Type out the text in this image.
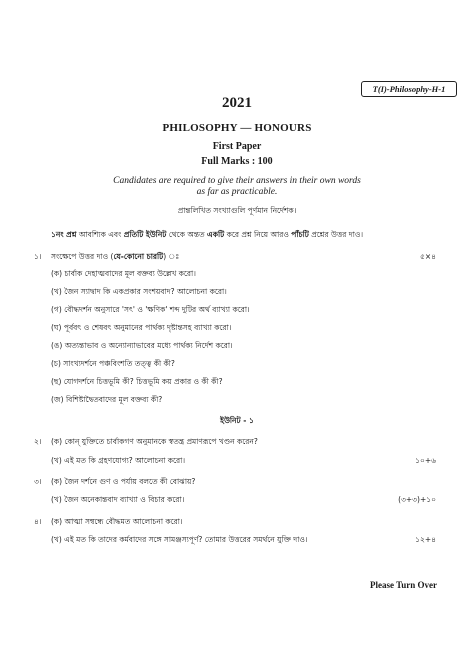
T(I)-Philosophy-H-1
2021
PHILOSOPHY — HONOURS
First Paper
Full Marks : 100
Candidates are required to give their answers in their own words
as far as practicable.
প্রান্তলিখিত সংখ্যাগুলি পূর্ণমান নির্দেশক।
১নং প্রশ্ন আবশ্যিক এবং প্রতিটি ইউনিট থেকে অন্তত একটি করে প্রশ্ন নিয়ে আরও পাঁচটি প্রশ্নের উত্তর দাও।
১। সংক্ষেপে উত্তর দাও (যে-কোনো চারটি) ঃ	৫×৪
(ক) চার্বাক দেহাত্মবাদের মূল বক্তব্য উল্লেখ করো।
(খ) জৈন স্যাদ্বাদ কি একপ্রকার সংশয়বাদ? আলোচনা করো।
(গ) বৌদ্ধদর্শন অনুসারে 'সৎ' ও 'ক্ষণিক' শব্দ দুটির অর্থ ব্যাখ্যা করো।
(ঘ) পূর্ববৎ ও শেষবৎ অনুমানের পার্থক্য দৃষ্টান্তসহ ব্যাখ্যা করো।
(ঙ) অত্যন্তাভাব ও অন্যোন্যাভাবের মধ্যে পার্থক্য নির্দেশ করো।
(চ) সাংখ্যদর্শনে পঞ্চবিংশতি তত্ত্ব কী কী?
(ছ) যোগদর্শনে চিত্তভূমি কী? চিত্তভূমি কয় প্রকার ও কী কী?
(জ) বিশিষ্টাদ্বৈতবাদের মূল বক্তব্য কী?
ইউনিট - ১
২। (ক) কোন্ যুক্তিতে চার্বাকগণ অনুমানকে স্বতন্ত্র প্রমাণরূপে খণ্ডন করেন?
(খ) এই মত কি গ্রহণযোগ্য? আলোচনা করো।	১০+৬
৩। (ক) জৈন দর্শনে গুণ ও পর্যায় বলতে কী বোঝায়?
(খ) জৈন অনেকান্তবাদ ব্যাখ্যা ও বিচার করো।	(৩+৩)+১০
৪। (ক) আত্মা সম্বন্ধে বৌদ্ধমত আলোচনা করো।
(খ) এই মত কি তাদের কর্মবাদের সঙ্গে সামঞ্জস্যপূর্ণ? তোমার উত্তরের সমর্থনে যুক্তি দাও।	১২+৪
Please Turn Over
